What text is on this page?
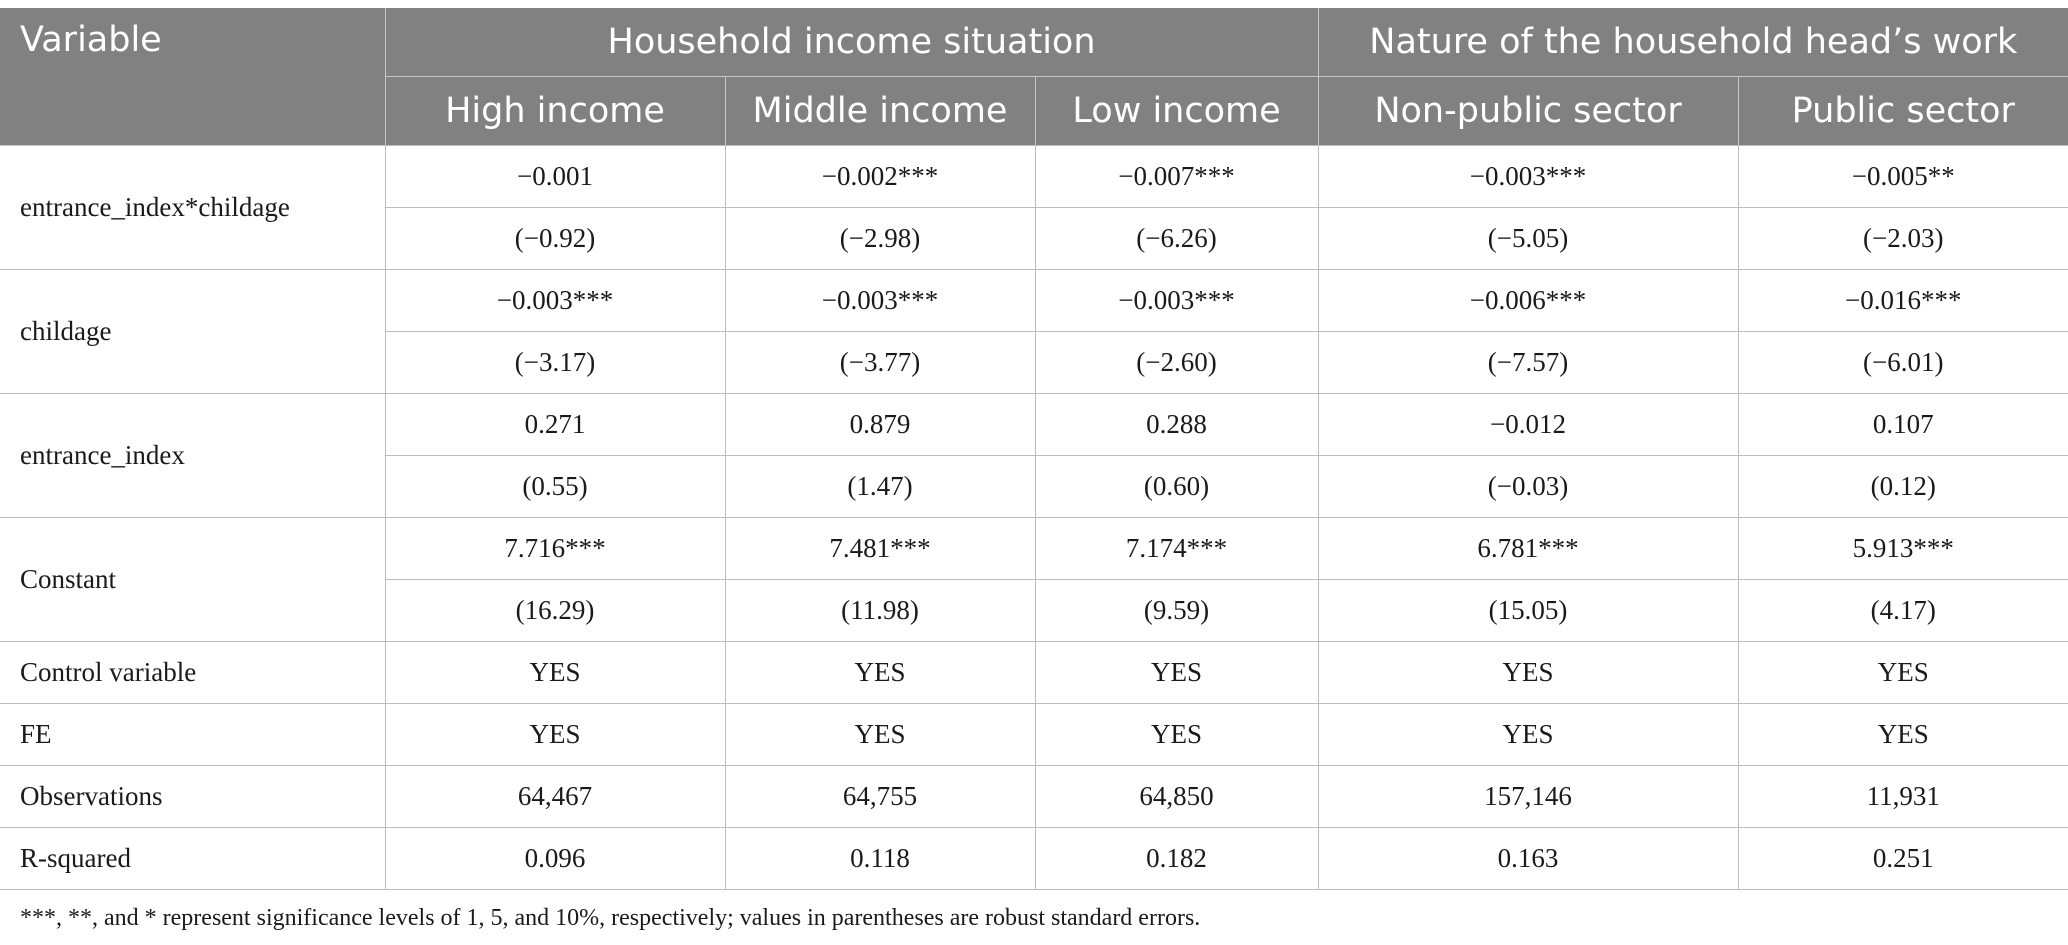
Variable	Household income situation			Nature of the household head’s work	
	High income	Middle income	Low income	Non-public sector	Public sector
entrance_index*childage	−0.001	−0.002***	−0.007***	−0.003***	−0.005**
	(−0.92)	(−2.98)	(−6.26)	(−5.05)	(−2.03)
childage	−0.003***	−0.003***	−0.003***	−0.006***	−0.016***
	(−3.17)	(−3.77)	(−2.60)	(−7.57)	(−6.01)
entrance_index	0.271	0.879	0.288	−0.012	0.107
	(0.55)	(1.47)	(0.60)	(−0.03)	(0.12)
Constant	7.716***	7.481***	7.174***	6.781***	5.913***
	(16.29)	(11.98)	(9.59)	(15.05)	(4.17)
Control variable	YES	YES	YES	YES	YES
FE	YES	YES	YES	YES	YES
Observations	64,467	64,755	64,850	157,146	11,931
R-squared	0.096	0.118	0.182	0.163	0.251
***, **, and * represent significance levels of 1, 5, and 10%, respectively; values in parentheses are robust standard errors.
